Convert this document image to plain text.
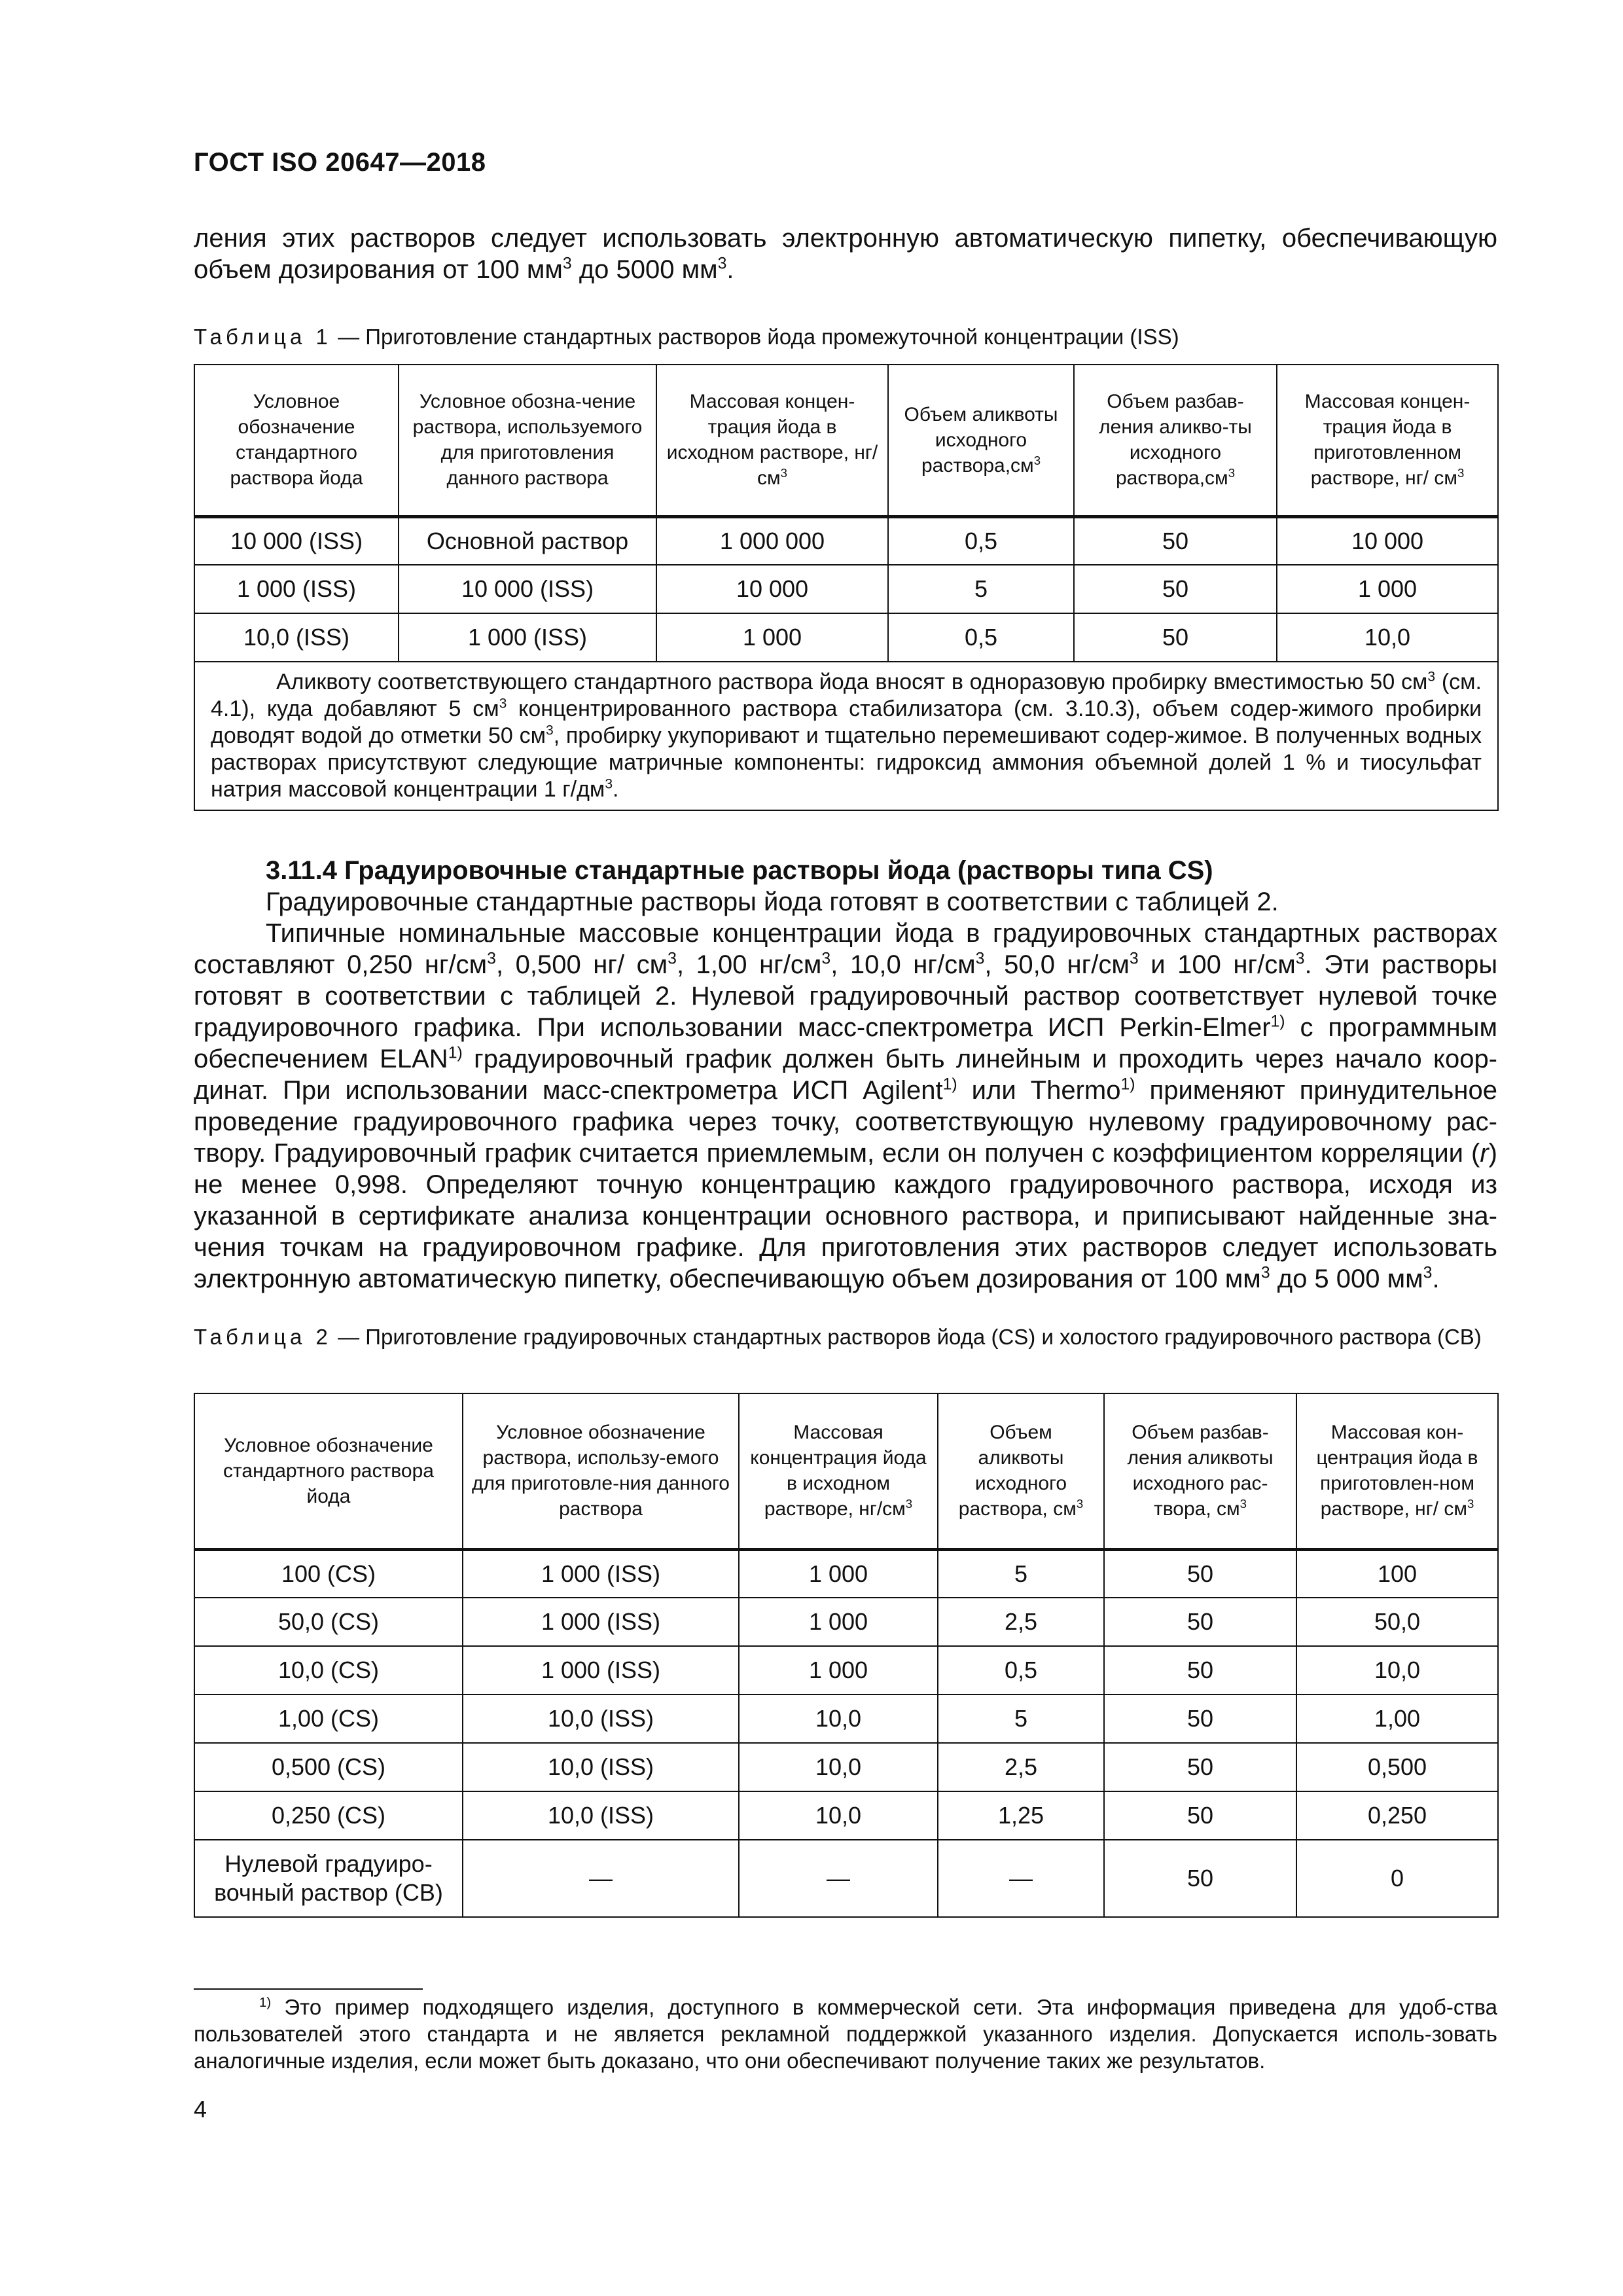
ГОСТ ISO 20647—2018
ления этих растворов следует использовать электронную автоматическую пипетку, обеспечивающую объем дозирования от 100 $мм^3$ до 5000 $мм^3$.
Таблица 1 — Приготовление стандартных растворов йода промежуточной концентрации (ISS)
Условное обозначение стандартного раствора йода	Условное обозна-чение раствора, используемого для приготовления данного раствора	Массовая концен-трация йода в исходном растворе, $нг/см^3$	Объем аликвоты исходного $раствора,см^3$	Объем разбав-ления аликво-ты исходного $раствора,см^3$	Массовая концен-трация йода в приготовленном растворе, нг/ $см^3$
10 000 (ISS)	Основной раствор	1 000 000	0,5	50	10 000
1 000 (ISS)	10 000 (ISS)	10 000	5	50	1 000
10,0 (ISS)	1 000 (ISS)	1 000	0,5	50	10,0
Аликвоту соответствующего стандартного раствора йода вносят в одноразовую пробирку вместимостью 50 $см^3$ (см. 4.1), куда добавляют 5 $см^3$ концентрированного раствора стабилизатора (см. 3.10.3), объем содер-жимого пробирки доводят водой до отметки 50 $см^3$, пробирку укупоривают и тщательно перемешивают содер-жимое. В полученных водных растворах присутствуют следующие матричные компоненты: гидроксид аммония объемной долей 1 % и тиосульфат натрия массовой концентрации 1 $г/дм^3$.					
3.11.4 Градуировочные стандартные растворы йода (растворы типа CS)
Градуировочные стандартные растворы йода готовят в соответствии с таблицей 2.
Типичные номинальные массовые концентрации йода в градуировочных стандартных растворах составляют 0,250 $нг/см^3$, 0,500 нг/ $см^3$, 1,00 $нг/см^3$, 10,0 $нг/см^3$, 50,0 $нг/см^3$ и 100 $нг/см^3$. Эти растворы готовят в соответствии с таблицей 2. Нулевой градуировочный раствор соответствует нулевой точке градуировочного графика. При использовании масс-спектрометра ИСП Perkin-Elmer$^{1)}$ с программным обеспечением ELAN$^{1)}$ градуировочный график должен быть линейным и проходить через начало коор-динат. При использовании масс-спектрометра ИСП Agilent$^{1)}$ или Thermo$^{1)}$ применяют принудительное проведение градуировочного графика через точку, соответствующую нулевому градуировочному рас-твору. Градуировочный график считается приемлемым, если он получен с коэффициентом корреляции (r) не менее 0,998. Определяют точную концентрацию каждого градуировочного раствора, исходя из указанной в сертификате анализа концентрации основного раствора, и приписывают найденные зна-чения точкам на градуировочном графике. Для приготовления этих растворов следует использовать электронную автоматическую пипетку, обеспечивающую объем дозирования от 100 $мм^3$ до 5 000 $мм^3$.
Таблица 2 — Приготовление градуировочных стандартных растворов йода (CS) и холостого градуировочного раствора (CB)
Условное обозначение стандартного раствора йода	Условное обозначение раствора, использу-емого для приготовле-ния данного раствора	Массовая концентрация йода в исходном растворе, $нг/см^3$	Объем аликвоты исходного раствора, $см^3$	Объем разбав-ления аликвоты исходного рас-твора, $см^3$	Массовая кон-центрация йода в приготовлен-ном растворе, нг/ $см^3$
100 (CS)	1 000 (ISS)	1 000	5	50	100
50,0 (CS)	1 000 (ISS)	1 000	2,5	50	50,0
10,0 (CS)	1 000 (ISS)	1 000	0,5	50	10,0
1,00 (CS)	10,0 (ISS)	10,0	5	50	1,00
0,500 (CS)	10,0 (ISS)	10,0	2,5	50	0,500
0,250 (CS)	10,0 (ISS)	10,0	1,25	50	0,250
Нулевой градуиро-вочный раствор (CB)	—	—	—	50	0
$^{1)}$ Это пример подходящего изделия, доступного в коммерческой сети. Эта информация приведена для удоб-ства пользователей этого стандарта и не является рекламной поддержкой указанного изделия. Допускается исполь-зовать аналогичные изделия, если может быть доказано, что они обеспечивают получение таких же результатов.
4
